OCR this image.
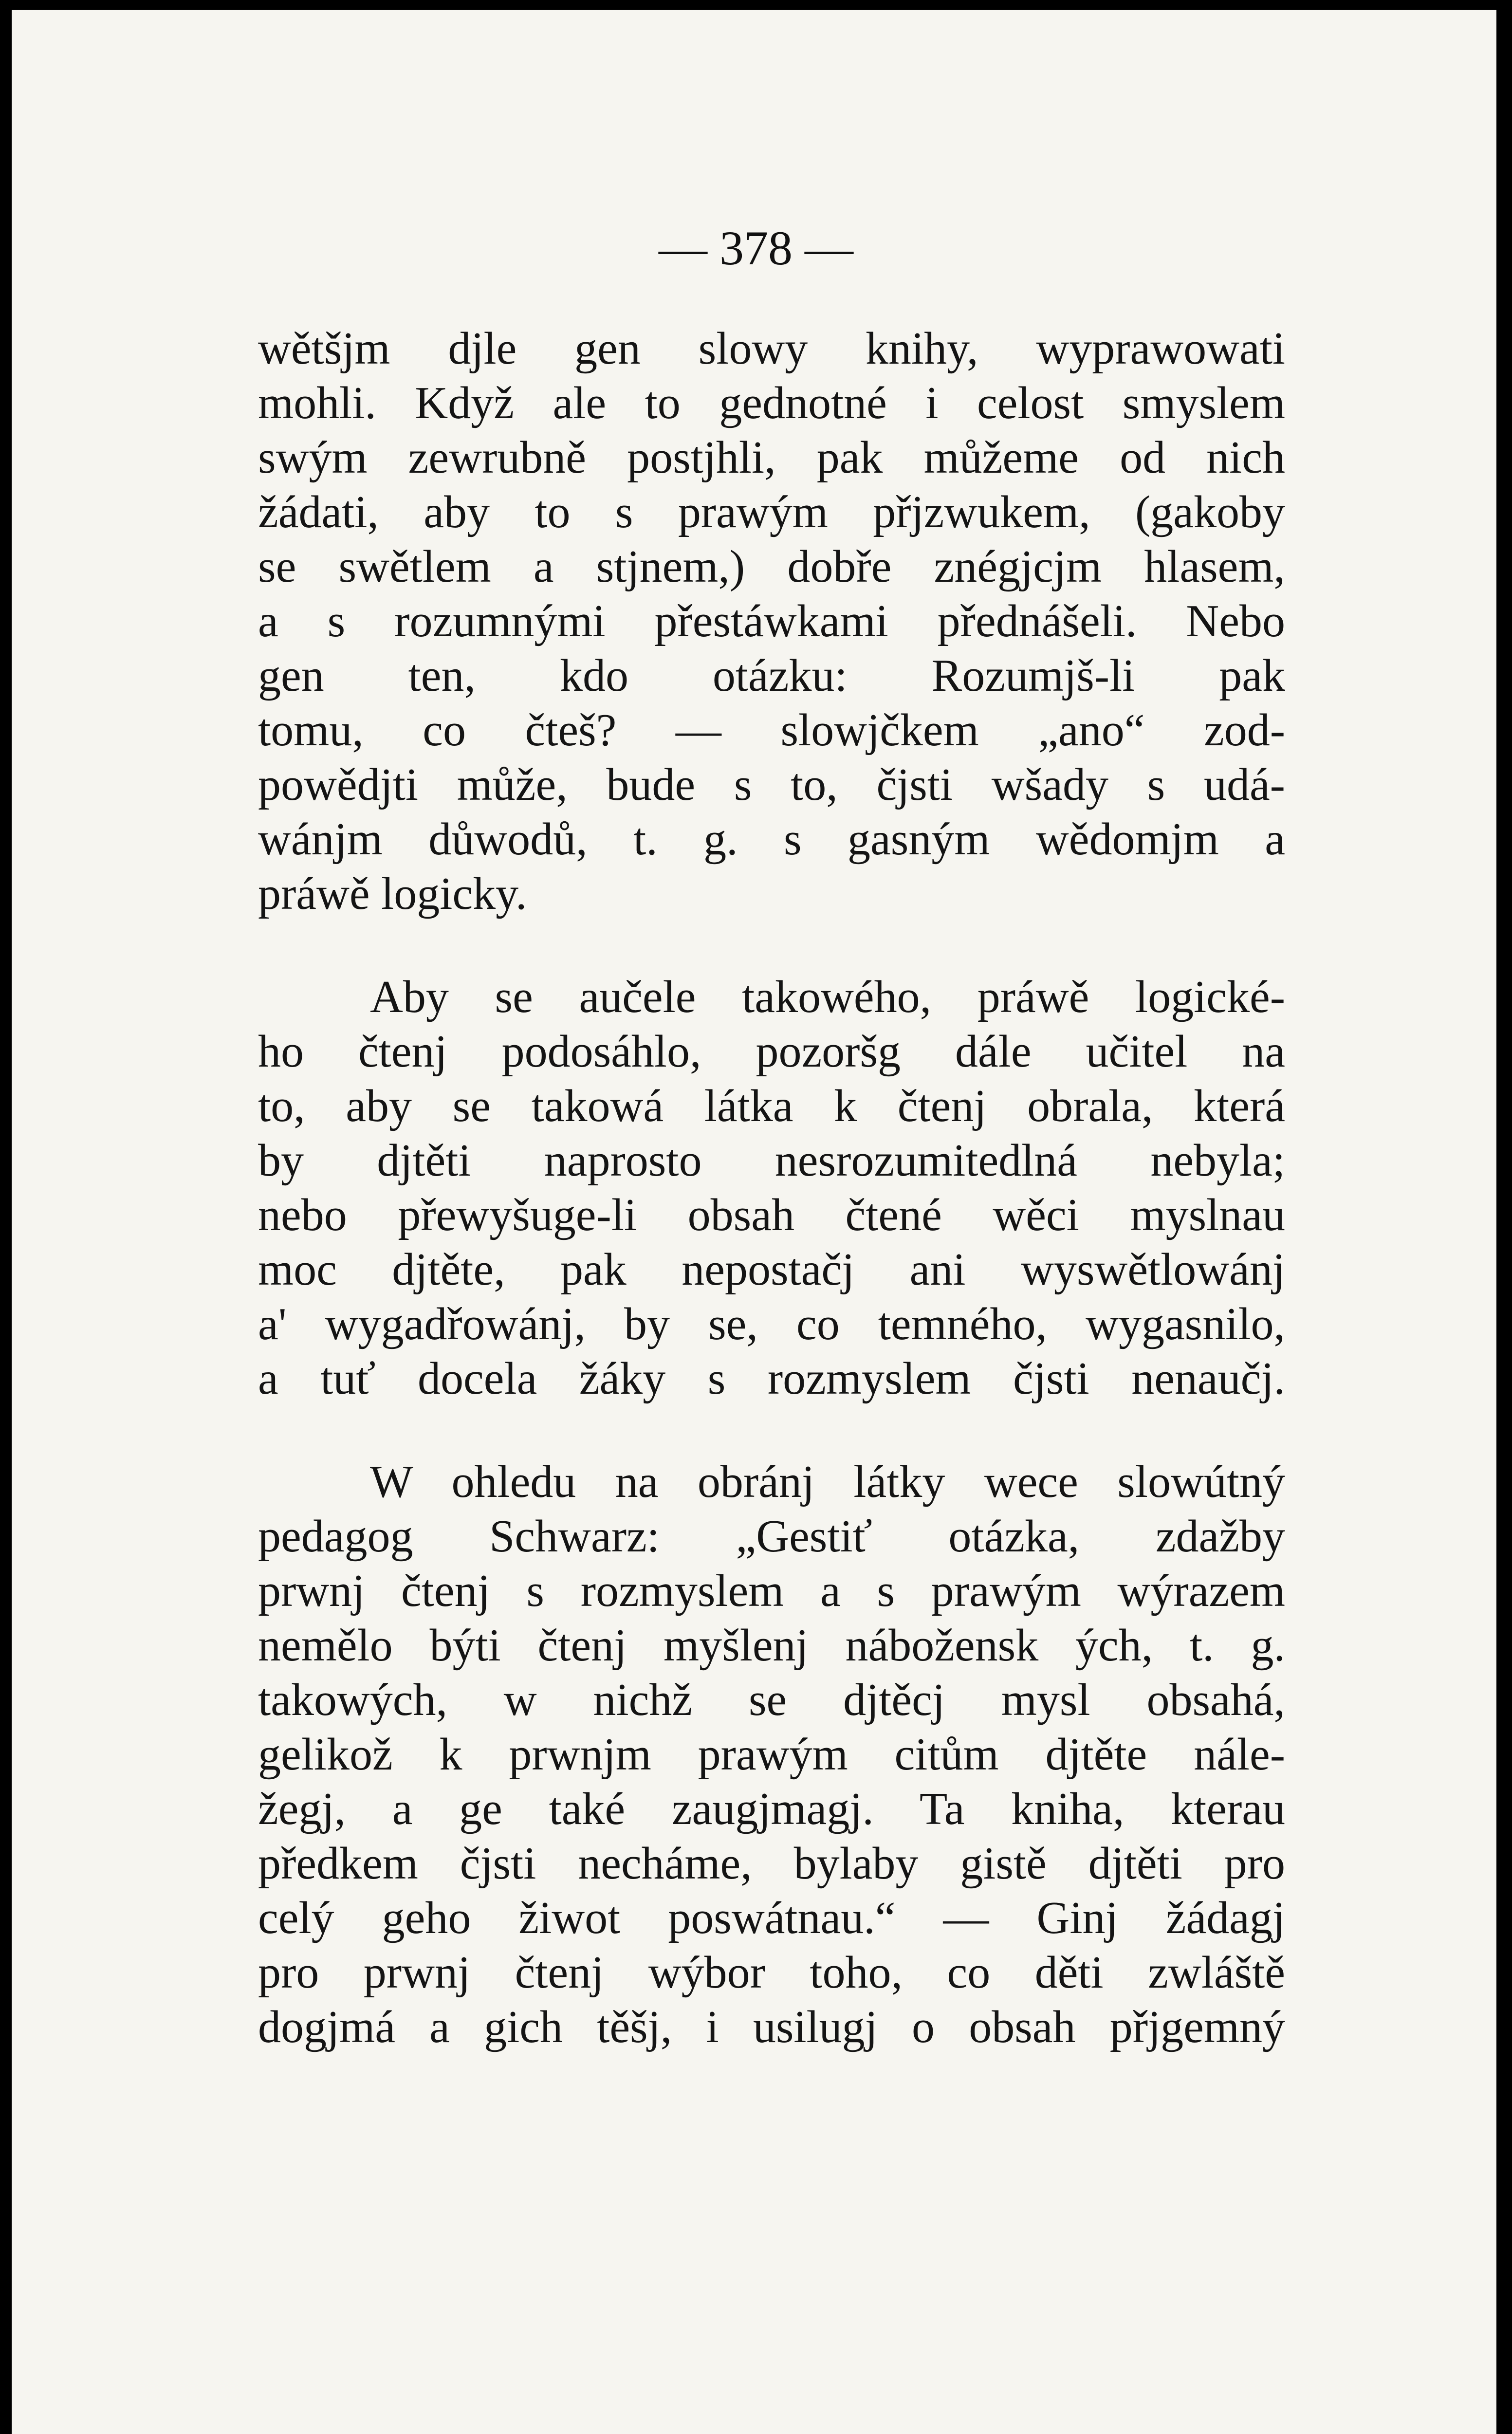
— 378 —
wětšjm djle gen slowy knihy, wyprawowati
mohli. Když ale to gednotné i celost smyslem
swým zewrubně postjhli, pak můžeme od nich
žádati, aby to s prawým přjzwukem, (gakoby
se swětlem a stjnem,) dobře znégjcjm hlasem,
a s rozumnými přestáwkami přednášeli. Nebo
gen ten, kdo otázku: Rozumjš-li pak
tomu, co čteš? — slowjčkem „ano“ zod-
powědjti může, bude s to, čjsti wšady s udá-
wánjm důwodů, t. g. s gasným wědomjm a
práwě logicky.
Aby se aučele takowého, práwě logické-
ho čtenj podosáhlo, pozoršg dále učitel na
to, aby se takowá látka k čtenj obrala, která
by djtěti naprosto nesrozumitedlná nebyla;
nebo přewyšuge-li obsah čtené wěci myslnau
moc djtěte, pak nepostačj ani wyswětlowánj
a' wygadřowánj, by se, co temného, wygasnilo,
a tuť docela žáky s rozmyslem čjsti nenaučj.
W ohledu na obránj látky wece slowútný
pedagog Schwarz: „Gestiť otázka, zdažby
prwnj čtenj s rozmyslem a s prawým wýrazem
nemělo býti čtenj myšlenj nábožensk ých, t. g.
takowých, w nichž se djtěcj mysl obsahá,
gelikož k prwnjm prawým citům djtěte nále-
žegj, a ge také zaugjmagj. Ta kniha, kterau
předkem čjsti necháme, bylaby gistě djtěti pro
celý geho žiwot poswátnau.“ — Ginj žádagj
pro prwnj čtenj wýbor toho, co děti zwláště
dogjmá a gich těšj, i usilugj o obsah přjgemný
